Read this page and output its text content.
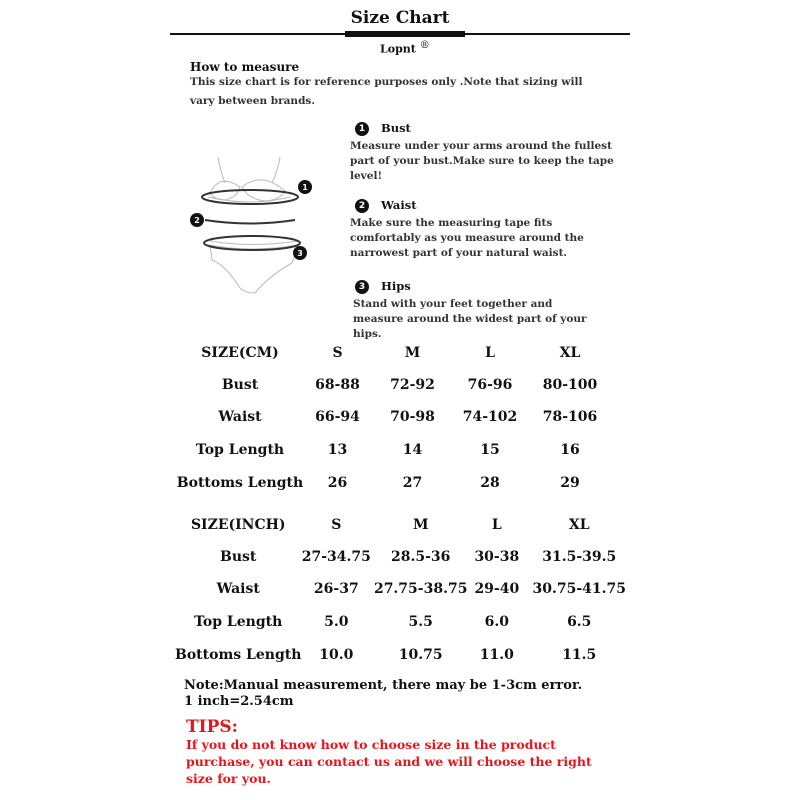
Size Chart
Lopnt ®
How to measure
This size chart is for reference purposes only .Note that sizing will vary between brands.
1
2
3
1	Bust
Measure under your arms around the fullest part of your bust.Make sure to keep the tape level!
2	Waist
Make sure the measuring tape fits comfortably as you measure around the narrowest part of your natural waist.
3	Hips
Stand with your feet together and measure around the widest part of your hips.
SIZE(CM)	S	M	L	XL
Bust	68-88	72-92	76-96	80-100
Waist	66-94	70-98	74-102	78-106
Top Length	13	14	15	16
Bottoms Length	26	27	28	29
SIZE(INCH)	S	M	L	XL
Bust	27-34.75	28.5-36	30-38	31.5-39.5
Waist	26-37	27.75-38.75	29-40	30.75-41.75
Top Length	5.0	5.5	6.0	6.5
Bottoms Length	10.0	10.75	11.0	11.5
Note:Manual measurement, there may be 1-3cm error.
1 inch=2.54cm
TIPS:
If you do not know how to choose size in the product purchase, you can contact us and we will choose the right size for you.
